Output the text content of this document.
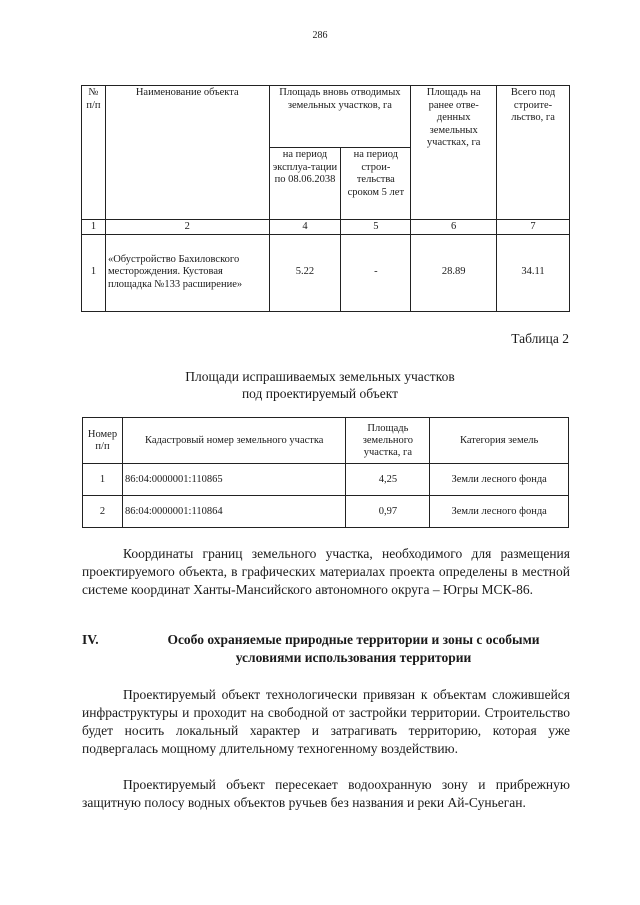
286
№ п/п	Наименование объекта	Площадь вновь отводимых земельных участков, га		Площадь на ранее отве-денных земельных участках, га	Всего под строите-льство, га
		на период эксплуа-тации по 08.06.2038	на период строи-тельства сроком 5 лет		
1	2	4	5	6	7
1	«Обустройство Бахиловского месторождения. Кустовая площадка №133 расширение»	5.22	-	28.89	34.11
Таблица 2
Площади испрашиваемых земельных участков
под проектируемый объект
Номер п/п	Кадастровый номер земельного участка	Площадь земельного участка, га	Категория земель
1	86:04:0000001:110865	4,25	Земли лесного фонда
2	86:04:0000001:110864	0,97	Земли лесного фонда
Координаты границ земельного участка, необходимого для размещения проектируемого объекта, в графических материалах проекта определены в местной системе координат Ханты-Мансийского автономного округа – Югры МСК-86.
IV.	Особо охраняемые природные территории и зоны с особыми условиями использования территории
Проектируемый объект технологически привязан к объектам сложившейся инфраструктуры и проходит на свободной от застройки территории. Строительство будет носить локальный характер и затрагивать территорию, которая уже подвергалась мощному длительному техногенному воздействию.
Проектируемый объект пересекает водоохранную зону и прибрежную защитную полосу водных объектов ручьев без названия и реки Ай-Суньеган.
